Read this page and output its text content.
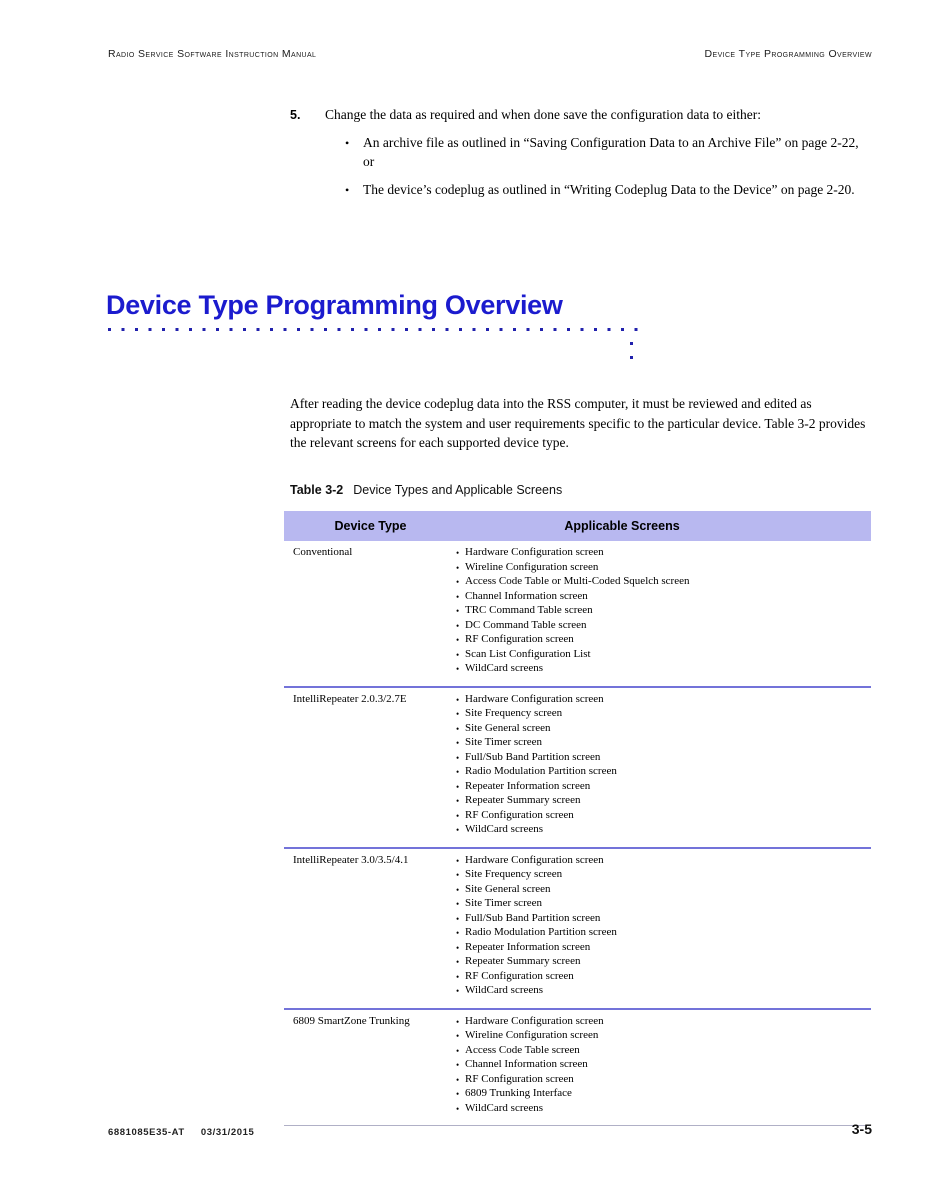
Radio Service Software Instruction Manual	Device Type Programming Overview
5.	Change the data as required and when done save the configuration data to either:
•	An archive file as outlined in “Saving Configuration Data to an Archive File” on page 2-22, or
•	The device’s codeplug as outlined in “Writing Codeplug Data to the Device” on page 2-20.
Device Type Programming Overview

After reading the device codeplug data into the RSS computer, it must be reviewed and edited as appropriate to match the system and user requirements specific to the particular device. Table 3-2 provides the relevant screens for each supported device type.

Table 3-2 Device Types and Applicable Screens
Device Type	Applicable Screens
Conventional	• Hardware Configuration screen
• Wireline Configuration screen
• Access Code Table or Multi-Coded Squelch screen
• Channel Information screen
• TRC Command Table screen
• DC Command Table screen
• RF Configuration screen
• Scan List Configuration List
• WildCard screens
IntelliRepeater 2.0.3/2.7E	• Hardware Configuration screen
• Site Frequency screen
• Site General screen
• Site Timer screen
• Full/Sub Band Partition screen
• Radio Modulation Partition screen
• Repeater Information screen
• Repeater Summary screen
• RF Configuration screen
• WildCard screens
IntelliRepeater 3.0/3.5/4.1	• Hardware Configuration screen
• Site Frequency screen
• Site General screen
• Site Timer screen
• Full/Sub Band Partition screen
• Radio Modulation Partition screen
• Repeater Information screen
• Repeater Summary screen
• RF Configuration screen
• WildCard screens
6809 SmartZone Trunking	• Hardware Configuration screen
• Wireline Configuration screen
• Access Code Table screen
• Channel Information screen
• RF Configuration screen
• 6809 Trunking Interface
• WildCard screens
6881085E35-AT 03/31/2015	3-5
